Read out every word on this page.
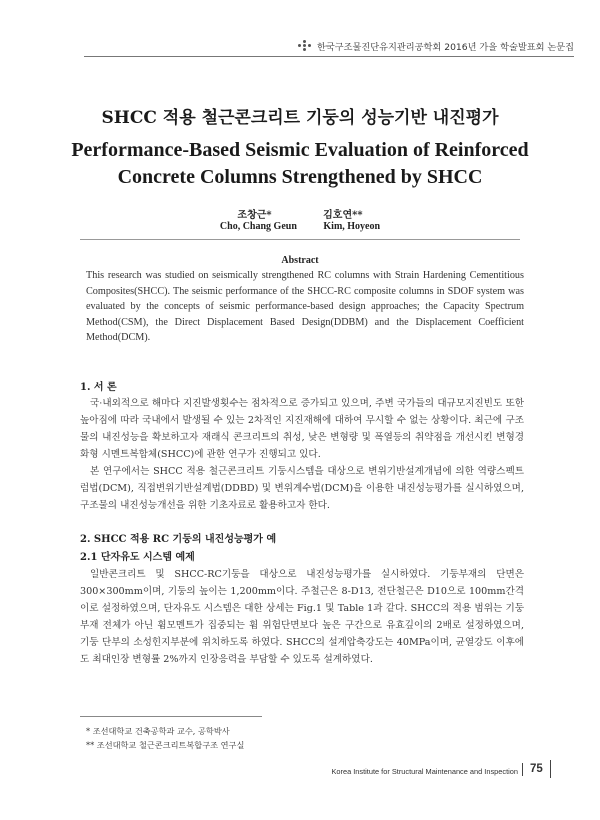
한국구조물진단유지관리공학회 2016년 가을 학술발표회 논문집
SHCC 적용 철근콘크리트 기둥의 성능기반 내진평가
Performance-Based Seismic Evaluation of Reinforced
Concrete Columns Strengthened by SHCC
조창근*	김호연**
Cho, Chang Geun	Kim, Hoyeon
Abstract
This research was studied on seismically strengthened RC columns with Strain Hardening Cementitious Composites(SHCC). The seismic performance of the SHCC-RC composite columns in SDOF system was evaluated by the concepts of seismic performance-based design approaches; the Capacity Spectrum Method(CSM), the Direct Displacement Based Design(DDBM) and the Displacement Coefficient Method(DCM).
1. 서 론
국·내외적으로 해마다 지진발생횟수는 점차적으로 증가되고 있으며, 주변 국가들의 대규모지진빈도 또한 높아짐에 따라 국내에서 발생될 수 있는 2차적인 지진재해에 대하여 무시할 수 없는 상황이다. 최근에 구조물의 내진성능을 확보하고자 재래식 콘크리트의 취성, 낮은 변형량 및 폭열등의 취약점을 개선시킨 변형경화형 시멘트복합체(SHCC)에 관한 연구가 진행되고 있다.
본 연구에서는 SHCC 적용 철근콘크리트 기둥시스템을 대상으로 변위기반설계개념에 의한 역량스펙트럼법(DCM), 직접변위기반설계법(DDBD) 및 변위계수법(DCM)을 이용한 내진성능평가를 실시하였으며, 구조물의 내진성능개선을 위한 기초자료로 활용하고자 한다.
2. SHCC 적용 RC 기둥의 내진성능평가 예
2.1 단자유도 시스템 예제
일반콘크리트 및 SHCC-RC기둥을 대상으로 내진성능평가를 실시하였다. 기둥부재의 단면은 300×300mm이며, 기둥의 높이는 1,200mm이다. 주철근은 8-D13, 전단철근은 D10으로 100mm간격이로 설정하였으며, 단자유도 시스템은 대한 상세는 Fig.1 및 Table 1과 같다. SHCC의 적용 범위는 기둥부재 전체가 아닌 휨모멘트가 집중되는 휨 위험단면보다 높은 구간으로 유효깊이의 2배로 설정하였으며, 기둥 단부의 소성힌지부분에 위치하도록 하였다. SHCC의 설계압축강도는 40MPa이며, 균열강도 이후에도 최대인장 변형률 2%까지 인장응력을 부담할 수 있도록 설계하였다.
* 조선대학교 건축공학과 교수, 공학박사
** 조선대학교 철근콘크리트복합구조 연구실
Korea Institute for Structural Maintenance and Inspection 75
